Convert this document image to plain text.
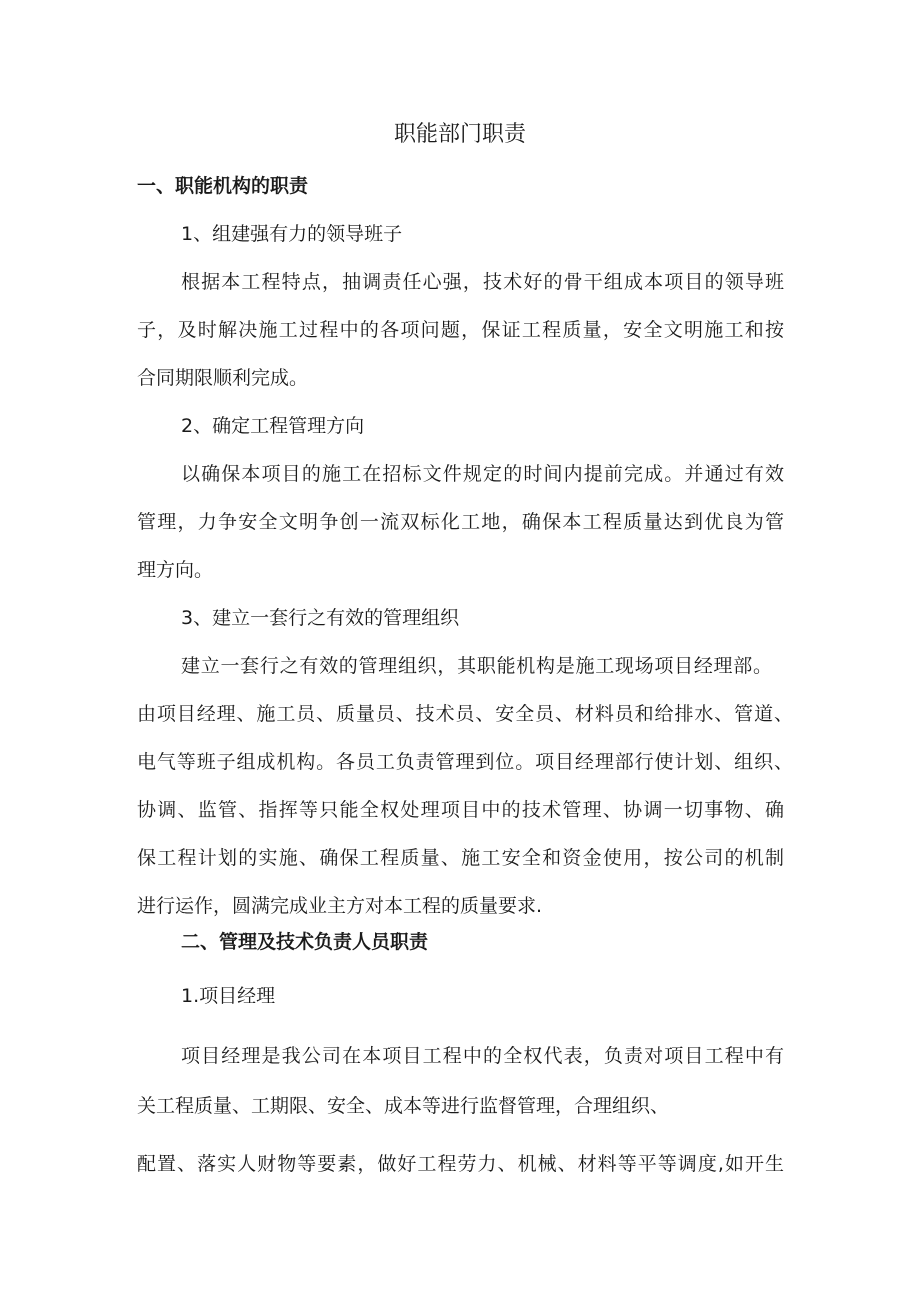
职能部门职责

一、职能机构的职责

1、组建强有力的领导班子

根据本工程特点，抽调责任心强，技术好的骨干组成本项目的领导班

子，及时解决施工过程中的各项问题，保证工程质量，安全文明施工和按

合同期限顺利完成。

2、确定工程管理方向

以确保本项目的施工在招标文件规定的时间内提前完成。并通过有效

管理，力争安全文明争创一流双标化工地，确保本工程质量达到优良为管

理方向。

3、建立一套行之有效的管理组织

建立一套行之有效的管理组织，其职能机构是施工现场项目经理部。

由项目经理、施工员、质量员、技术员、安全员、材料员和给排水、管道、

电气等班子组成机构。各员工负责管理到位。项目经理部行使计划、组织、

协调、监管、指挥等只能全权处理项目中的技术管理、协调一切事物、确

保工程计划的实施、确保工程质量、施工安全和资金使用，按公司的机制

进行运作，圆满完成业主方对本工程的质量要求.

二、管理及技术负责人员职责

1.项目经理

项目经理是我公司在本项目工程中的全权代表，负责对项目工程中有

关工程质量、工期限、安全、成本等进行监督管理，合理组织、

配置、落实人财物等要素，做好工程劳力、机械、材料等平等调度,如开生
